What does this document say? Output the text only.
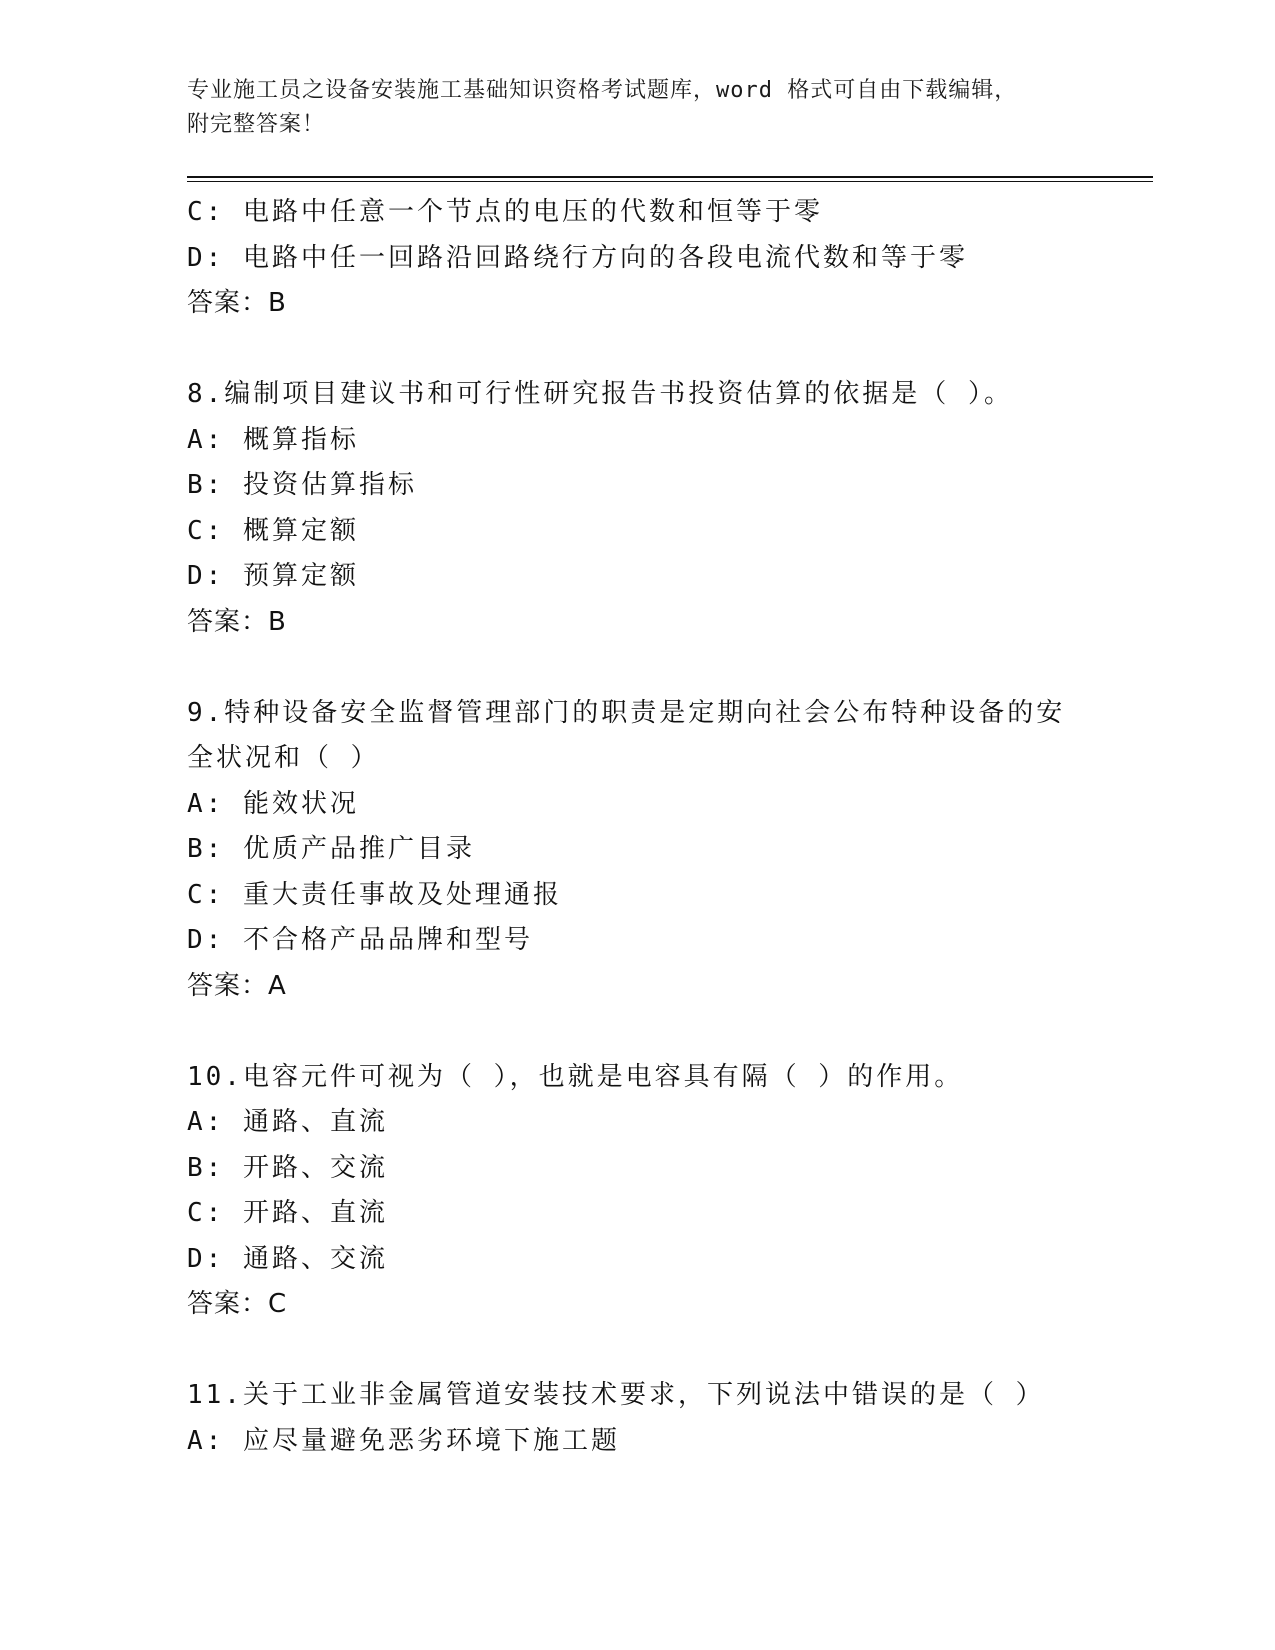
专业施工员之设备安装施工基础知识资格考试题库，word 格式可自由下载编辑，
附完整答案！
C: 电路中任意一个节点的电压的代数和恒等于零
D: 电路中任一回路沿回路绕行方向的各段电流代数和等于零
答案：B
8.编制项目建议书和可行性研究报告书投资估算的依据是（ ）。
A: 概算指标
B: 投资估算指标
C: 概算定额
D: 预算定额
答案：B
9.特种设备安全监督管理部门的职责是定期向社会公布特种设备的安
全状况和（ ）
A: 能效状况
B: 优质产品推广目录
C: 重大责任事故及处理通报
D: 不合格产品品牌和型号
答案：A
10.电容元件可视为（ ），也就是电容具有隔（ ）的作用。
A: 通路、直流
B: 开路、交流
C: 开路、直流
D: 通路、交流
答案：C
11.关于工业非金属管道安装技术要求，下列说法中错误的是（ ）
A: 应尽量避免恶劣环境下施工题
